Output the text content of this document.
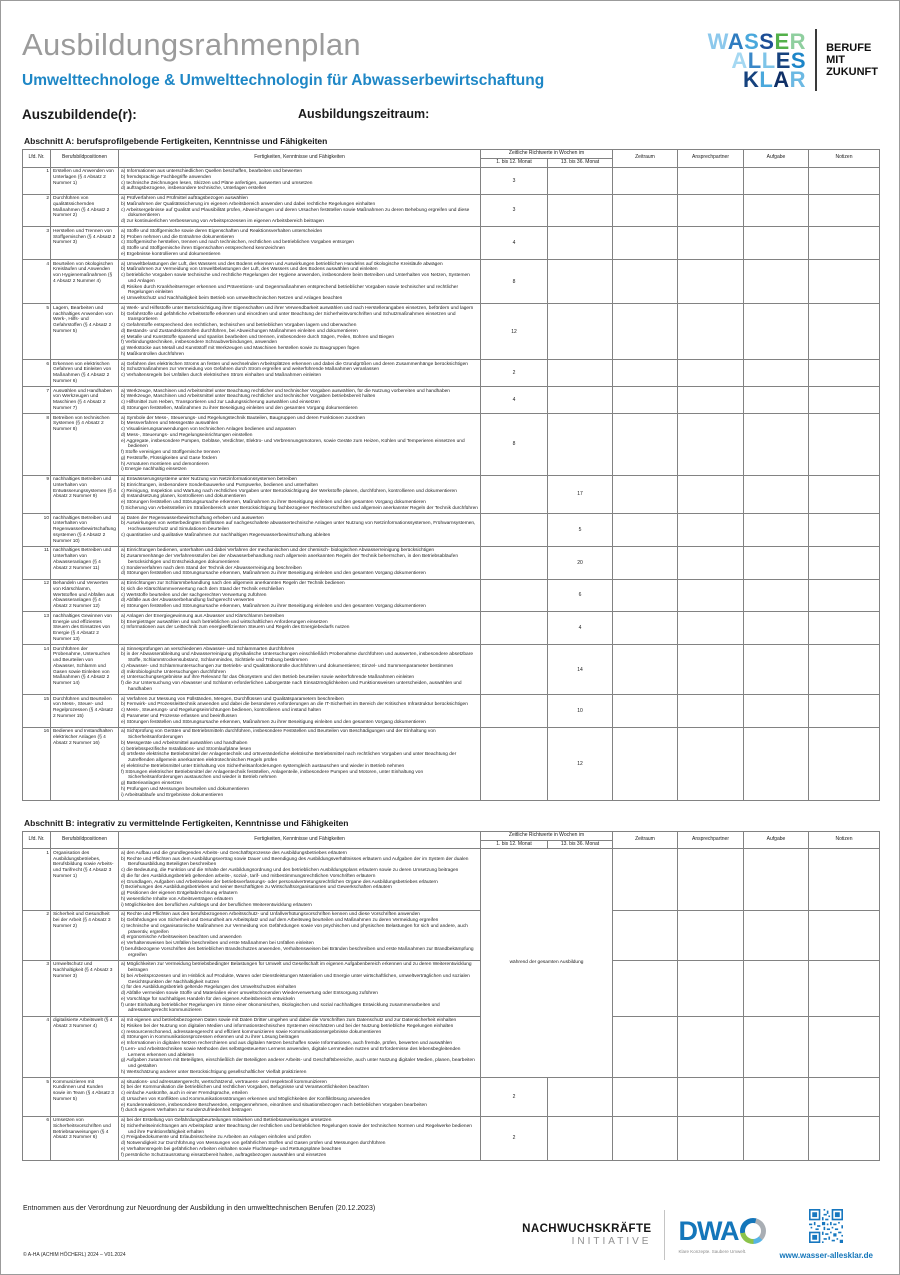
Ausbildungsrahmenplan
Umwelttechnologe & Umwelttechnologin für Abwasserbewirtschaftung
WASSER
ALLES
KLAR
BERUFE
MIT
ZUKUNFT
Auszubildende(r):	Ausbildungszeitraum:
Abschnitt A: berufsprofilgebende Fertigkeiten, Kenntnisse und Fähigkeiten
Lfd. Nr.	Berufsbildpositionen	Fertigkeiten, Kenntnisse und Fähigkeiten	Zeitliche Richtwerte in Wochen im		Zeitraum	Ansprechpartner	Aufgabe	Notizen
			1. bis 12. Monat	13. bis 36. Monat				
1	Erstellen und Anwenden von Unterlagen (§ 4 Absatz 2 Nummer 1)	a) Informationen aus unterschiedlichen Quellen beschaffen, bearbeiten und bewerten
b) fremdsprachige Fachbegriffe anwenden
c) technische Zeichnungen lesen, Skizzen und Pläne anfertigen, auswerten und umsetzen
d) auftragsbezogene, insbesondere technische, Unterlagen erstellen	3					
2	Durchführen von qualitätssichernden Maßnahmen (§ 4 Absatz 2 Nummer 2)	a) Prüfverfahren und Prüfmittel auftragsbezogen auswählen
b) Maßnahmen der Qualitätssicherung im eigenen Arbeitsbereich anwenden und dabei rechtliche Regelungen einhalten
c) Arbeitsergebnisse auf Qualität und Plausibilität prüfen, Abweichungen und deren Ursachen feststellen sowie Maßnahmen zu deren Behebung ergreifen und diese dokumentieren
d) zur kontinuierlichen Verbesserung von Arbeitsprozessen im eigenen Arbeitsbereich beitragen	3					
3	Herstellen und Trennen von Stoffgemischen (§ 4 Absatz 2 Nummer 3)	a) Stoffe und Stoffgemische sowie deren Eigenschaften und Reaktionsverhalten unterscheiden
b) Proben nehmen und die Entnahme dokumentieren
c) Stoffgemische herstellen, trennen und nach technischen, rechtlichen und betrieblichen Vorgaben entsorgen
d) Stoffe und Stoffgemische ihren Eigenschaften entsprechend kennzeichnen
e) Ergebnisse kontrollieren und dokumentieren	4					
4	Beurteilen von ökologischen Kreisläufen und Anwenden von Hygienemaßnahmen (§ 4 Absatz 2 Nummer 4)	a) Umweltbelastungen der Luft, des Wassers und des Bodens erkennen und Auswirkungen betrieblichen Handelns auf ökologische Kreisläufe abwägen
b) Maßnahmen zur Vermeidung von Umweltbelastungen der Luft, des Wassers und des Bodens auswählen und einleiten
c) betriebliche Vorgaben sowie technische und rechtliche Regelungen der Hygiene anwenden, insbesondere beim Betreiben und Unterhalten von Netzen, Systemen und Anlagen
d) Risiken durch Krankheitserreger erkennen und Präventions- und Gegenmaßnahmen entsprechend betrieblicher Vorgaben sowie technischer und rechtlicher Regelungen einleiten
e) Umweltschutz und Nachhaltigkeit beim Betrieb von umwelttechnischen Netzen und Anlagen beachten	8					
5	Lagern, Bearbeiten und nachhaltiges Anwenden von Werk-, Hilfs- und Gefahrstoffen (§ 4 Absatz 2 Nummer 5)	
a) Werk- und Hilfsstoffe unter Berücksichtigung ihrer Eigenschaften und ihrer Verwendbarkeit auswählen und nach Herstellerangaben einsetzen, befördern und lagern
b) Gefahrstoffe und gefährliche Arbeitsstoffe erkennen und einordnen und unter Beachtung der Sicherheitsvorschriften und Schutzmaßnahmen einsetzen und transportieren
c) Gefahrstoffe entsprechend den rechtlichen, technischen und betrieblichen Vorgaben lagern und überwachen
d) Bestands- und Zustandskontrollen durchführen, bei Abweichungen Maßnahmen einleiten und dokumentieren
e) Metalle und Kunststoffe spanend und spanlos bearbeiten und trennen, insbesondere durch Sägen, Feilen, Bohren und Biegen
f) Verbindungstechniken, insbesondere Schraubverbindungen, anwenden
g) Werkstücke aus Metall und Kunststoff mit Werkzeugen und Maschinen herstellen sowie zu Baugruppen fügen
h) Maßkontrollen durchführen
	12					
6	Erkennen von elektrischen Gefahren und Einleiten von Maßnahmen (§ 4 Absatz 2 Nummer 6)	a) Gefahren des elektrischen Stroms an festen und wechselnden Arbeitsplätzen erkennen und dabei die Grundgrößen und deren Zusammenhänge berücksichtigen
b) Schutzmaßnahmen zur Vermeidung von Gefahren durch Strom ergreifen und weiterführende Maßnahmen veranlassen
c) Verhaltensregeln bei Unfällen durch elektrischen Strom einhalten und Maßnahmen einleiten	2					
7	Auswählen und Handhaben von Werkzeugen und Maschinen (§ 4 Absatz 2 Nummer 7)	a) Werkzeuge, Maschinen und Arbeitsmittel unter Beachtung rechtlicher und technischer Vorgaben auswählen, für die Nutzung vorbereiten und handhaben
b) Werkzeuge, Maschinen und Arbeitsmittel unter Beachtung rechtlicher und technischer Vorgaben betriebsbereit halten
c) Hilfsmittel zum Heben, Transportieren und zur Ladungssicherung auswählen und einsetzen
d) Störungen feststellen, Maßnahmen zu ihrer Beseitigung einleiten und den gesamten Vorgang dokumentieren	4					
8	Betreiben von technischen Systemen (§ 4 Absatz 2 Nummer 8)	
a) Symbole der Mess-, Steuerungs- und Regelungstechnik Bauteilen, Baugruppen und deren Funktionen zuordnen
b) Messverfahren und Messgeräte auswählen
c) Visualisierungsanwendungen von technischen Anlagen bedienen und anpassen
d) Mess-, Steuerungs- und Regelungseinrichtungen einstellen
e) Aggregate, insbesondere Pumpen, Gebläse, Verdichter, Elektro- und Verbrennungsmotoren, sowie Geräte zum Heizen, Kühlen und Temperieren einsetzen und bedienen
f) Stoffe vereinigen und Stoffgemische trennen
g) Feststoffe, Flüssigkeiten und Gase fördern
h) Armaturen montieren und demontieren
i) Energie nachhaltig einsetzen
	8					
9	nachhaltiges Betreiben und Unterhalten von Entwässerungssystemen (§ 4 Absatz 2 Nummer 9)	
a) Entwässerungssysteme unter Nutzung von Netzinformationssystemen betreiben
b) Einrichtungen, insbesondere Sonderbauwerke und Pumpwerke, bedienen und unterhalten
c) Reinigung, Inspektion und Wartung nach rechtlichen Vorgaben unter Berücksichtigung der Werkstoffe planen, durchführen, kontrollieren und dokumentieren
d) Instandsetzung planen, kontrollieren und dokumentieren
e) Störungen feststellen und Störungsursache erkennen, Maßnahmen zu ihrer Beseitigung einleiten und den gesamten Vorgang dokumentieren
f) Sicherung von Arbeitsstellen im Straßenbereich unter Berücksichtigung fachbezogener Rechtsvorschriften und allgemein anerkannter Regeln der Technik durchführen
		17				
10	nachhaltiges Betreiben und Unterhalten von Regenwasserbewirtschaftungssystemen (§ 4 Absatz 2 Nummer 10)	a) Daten der Regenwasserbewirtschaftung erheben und auswerten
b) Auswirkungen von wetterbedingten Einflüssen auf nachgeschaltete abwassertechnische Anlagen unter Nutzung von Netzinformationssystemen, Frühwarnsystemen, Hochwasserschutz und Simulationen beurteilen
c) quantitative und qualitative Maßnahmen zur nachhaltigen Regenwasserbewirtschaftung ableiten		5				
11	nachhaltiges Betreiben und Unterhalten von Abwasseranlagen (§ 4 Absatz 2 Nummer 11)	a) Einrichtungen bedienen, unterhalten und dabei Verfahren der mechanischen und der chemisch- biologischen Abwasserreinigung berücksichtigen
b) Zusammenhänge der Verfahrensstufen bei der Abwasserbehandlung nach allgemein anerkannten Regeln der Technik beherrschen, in den Betriebsabläufen berücksichtigen und Entscheidungen dokumentieren
c) Sonderverfahren nach dem Stand der Technik der Abwasserreinigung beschreiben
d) Störungen feststellen und Störungsursache erkennen, Maßnahmen zu ihrer Beseitigung einleiten und den gesamten Vorgang dokumentieren		20				
12	Behandeln und Verwerten von Klärschlamm, Wertstoffen und Abfällen aus Abwasseranlagen (§ 4 Absatz 2 Nummer 12)	a) Einrichtungen zur Schlammbehandlung nach den allgemein anerkannten Regeln der Technik bedienen
b) sich die Klärschlammverwertung nach dem Stand der Technik erschließen
c) Wertstoffe beurteilen und der sachgerechten Verwertung zuführen
d) Abfälle aus der Abwasserbehandlung fachgerecht verwerten
e) Störungen feststellen und Störungsursache erkennen, Maßnahmen zu ihrer Beseitigung einleiten und den gesamten Vorgang dokumentieren		6				
13	nachhaltiges Gewinnen von Energie und effizientes Steuern des Einsatzes von Energie (§ 4 Absatz 2 Nummer 13)	a) Anlagen der Energiegewinnung aus Abwasser und Klärschlamm betreiben
b) Energieträger auswählen und nach betrieblichen und wirtschaftlichen Anforderungen einsetzen
c) Informationen aus der Leittechnik zum energieeffizienten Steuern und Regeln des Energiebedarfs nutzen		4				
14	Durchführen der Probenahme, Untersuchen und Beurteilen von Abwasser, Schlamm und Gasen sowie Einleiten von Maßnahmen (§ 4 Absatz 2 Nummer 14)	
a) Sinnesprüfungen an verschiedenen Abwasser- und Schlammarten durchführen
b) in der Abwasserableitung und Abwasserreinigung physikalische Untersuchungen einschließlich Probenahme durchführen und auswerten, insbesondere absetzbare Stoffe, Schlammtrockensubstanz, Schlammindex, Sichttiefe und Trübung bestimmen
c) Abwasser- und Schlammuntersuchungen zur Betriebs- und Qualitätskontrolle durchführen und dokumentieren; Einzel- und Summenparameter bestimmen
d) mikrobiologische Untersuchungen durchführen
e) Untersuchungsergebnisse auf ihre Relevanz für das Ökosystem und den Betrieb beurteilen sowie weiterführende Maßnahmen einleiten
f) die zur Untersuchung von Abwasser und Schlamm erforderlichen Laborgeräte nach Einsatzmöglichkeiten und Funktionsweisen unterscheiden, auswählen und handhaben
		14				
15	Durchführen und Beurteilen von Mess-, Steuer- und Regelprozessen (§ 4 Absatz 2 Nummer 15)	a) Verfahren zur Messung von Füllständen, Mengen, Durchflüssen und Qualitätsparametern beschreiben
b) Fernwirk- und Prozessleittechnik anwenden und dabei die besonderen Anforderungen an die IT-Sicherheit im Bereich der Kritischen Infrastruktur berücksichtigen
c) Mess-, Steuerungs- und Regelungseinrichtungen bedienen, kontrollieren und instand halten
d) Parameter und Prozesse erfassen und beeinflussen
e) Störungen feststellen und Störungsursache erkennen, Maßnahmen zu ihrer Beseitigung einleiten und den gesamten Vorgang dokumentieren		10				
16	Bedienen und Instandhalten elektrischer Anlagen (§ 4 Absatz 2 Nummer 16)	
a) Sichtprüfung von Geräten und Betriebsmitteln durchführen, insbesondere Feststellen und Beurteilen von Beschädigungen und der Einhaltung von Sicherheitsanforderungen
b) Messgeräte und Arbeitsmittel auswählen und handhaben
c) betriebsspezifische Installations- und Stromlaufpläne lesen
d) ortsfeste elektrische Betriebsmittel der Anlagentechnik und ortsveränderliche elektrische Betriebsmittel nach rechtlichen Vorgaben und unter Beachtung der zutreffenden allgemein anerkannten elektrotechnischen Regeln prüfen
e) elektrische Betriebsmittel unter Einhaltung von Sicherheitsanforderungen systemgleich austauschen und wieder in Betrieb nehmen
f) Störungen elektrischer Betriebsmittel der Anlagentechnik feststellen, Anlagenteile, insbesondere Pumpen und Motoren, unter Einhaltung von Sicherheitsanforderungen austauschen und wieder in Betrieb nehmen
g) Batterieanlagen einsetzen
h) Prüfungen und Messungen beurteilen und dokumentieren
i) Arbeitsabläufe und Ergebnisse dokumentieren
		12				
Abschnitt B: integrativ zu vermittelnde Fertigkeiten, Kenntnisse und Fähigkeiten
Lfd. Nr.	Berufsbildpositionen	Fertigkeiten, Kenntnisse und Fähigkeiten	Zeitliche Richtwerte in Wochen im		Zeitraum	Ansprechpartner	Aufgabe	Notizen
			1. bis 12. Monat	13. bis 36. Monat				
1	Organisation des Ausbildungsbetriebes, Berufsbildung sowie Arbeits- und Tarifrecht (§ 4 Absatz 3 Nummer 1)	
a) den Aufbau und die grundlegenden Arbeits- und Geschäftsprozesse des Ausbildungsbetriebes erläutern
b) Rechte und Pflichten aus dem Ausbildungsvertrag sowie Dauer und Beendigung des Ausbildungsverhältnisses erläutern und Aufgaben der im System der dualen Berufsausbildung Beteiligten beschreiben
c) die Bedeutung, die Funktion und die Inhalte der Ausbildungsordnung und des betrieblichen Ausbildungsplans erläutern sowie zu deren Umsetzung beitragen
d) die für den Ausbildungsbetrieb geltenden arbeits-, sozial-, tarif- und mitbestimmungsrechtlichen Vorschriften erläutern
e) Grundlagen, Aufgaben und Arbeitsweise der betriebsverfassungs- oder personalvertretungsrechtlichen Organe des Ausbildungsbetriebes erläutern
f) Beziehungen des Ausbildungsbetriebes und seiner Beschäftigten zu Wirtschaftsorganisationen und Gewerkschaften erläutern
g) Positionen der eigenen Entgeltabrechnung erläutern
h) wesentliche Inhalte von Arbeitsverträgen erläutern
i) Möglichkeiten des beruflichen Aufstiegs und der beruflichen Weiterentwicklung erläutern
	während der gesamten Ausbildung				
2	Sicherheit und Gesundheit bei der Arbeit (§ 4 Absatz 3 Nummer 2)	
a) Rechte und Pflichten aus den berufsbezogenen Arbeitsschutz- und Unfallverhütungsvorschriften kennen und diese Vorschriften anwenden
b) Gefährdungen von Sicherheit und Gesundheit am Arbeitsplatz und auf dem Arbeitsweg beurteilen und Maßnahmen zu deren Vermeidung ergreifen
c) technische und organisatorische Maßnahmen zur Vermeidung von Gefährdungen sowie von psychischen und physischen Belastungen für sich und andere, auch präventiv, ergreifen
d) ergonomische Arbeitsweisen beachten und anwenden
e) Verhaltensweisen bei Unfällen beschreiben und erste Maßnahmen bei Unfällen einleiten
f) berufsbezogene Vorschriften des betrieblichen Brandschutzes anwenden, Verhaltensweisen bei Bränden beschreiben und erste Maßnahmen zur Brandbekämpfung ergreifen

3	Umweltschutz und Nachhaltigkeit (§ 4 Absatz 3 Nummer 3)	
a) Möglichkeiten zur Vermeidung betriebsbedingter Belastungen für Umwelt und Gesellschaft im eigenen Aufgabenbereich erkennen und zu deren Weiterentwicklung beitragen
b) bei Arbeitsprozessen und im Hinblick auf Produkte, Waren oder Dienstleistungen Materialien und Energie unter wirtschaftlichen, umweltverträglichen und sozialen Gesichtspunkten der Nachhaltigkeit nutzen
c) für den Ausbildungsbetrieb geltende Regelungen des Umweltschutzes einhalten
d) Abfälle vermeiden sowie Stoffe und Materialien einer umweltschonenden Wiederverwertung oder Entsorgung zuführen
e) Vorschläge für nachhaltiges Handeln für den eigenen Arbeitsbereich entwickeln
f) unter Einhaltung betrieblicher Regelungen im Sinne einer ökonomischen, ökologischen und sozial nachhaltigen Entwicklung zusammenarbeiten und adressatengerecht kommunizieren

4	digitalisierte Arbeitswelt (§ 4 Absatz 3 Nummer 4)	
a) mit eigenen und betriebsbezogenen Daten sowie mit Daten Dritter umgehen und dabei die Vorschriften zum Datenschutz und zur Datensicherheit einhalten
b) Risiken bei der Nutzung von digitalen Medien und informationstechnischen Systemen einschätzen und bei der Nutzung betriebliche Regelungen einhalten
c) ressourcenschonend, adressatengerecht und effizient kommunizieren sowie Kommunikationsergebnisse dokumentieren
d) Störungen in Kommunikationsprozessen erkennen und zu ihrer Lösung beitragen
e) Informationen in digitalen Netzen recherchieren und aus digitalen Netzen beschaffen sowie Informationen, auch fremde, prüfen, bewerten und auswählen
f) Lern- und Arbeitstechniken sowie Methoden des selbstgesteuerten Lernens anwenden, digitale Lernmedien nutzen und Erfordernisse des lebensbegleitenden Lernens erkennen und ableiten
g) Aufgaben zusammen mit Beteiligten, einschließlich der Beteiligten anderer Arbeits- und Geschäftsbereiche, auch unter Nutzung digitaler Medien, planen, bearbeiten und gestalten
h) Wertschätzung anderer unter Berücksichtigung gesellschaftlicher Vielfalt praktizieren

5	Kommunizieren mit Kundinnen und Kunden sowie im Team (§ 4 Absatz 3 Nummer 5)	
a) situations- und adressatengerecht, wertschätzend, vertrauens- und respektvoll kommunizieren
b) bei der Kommunikation die betrieblichen und rechtlichen Vorgaben, Befugnisse und Verantwortlichkeiten beachten
c) einfache Auskünfte, auch in einer Fremdsprache, erteilen
d) Ursachen von Konflikten und Kommunikationsstörungen erkennen und Möglichkeiten der Konfliktlösung anwenden
e) Kundenreaktionen, insbesondere Beschwerden, entgegennehmen, einordnen und situationsbezogen nach betrieblichen Vorgaben bearbeiten
f) durch eigenes Verhalten zur Kundenzufriedenheit beitragen
	2					
6	Umsetzen von Sicherheitsvorschriften und Betriebsanweisungen (§ 4 Absatz 3 Nummer 6)	
a) bei der Erstellung von Gefährdungsbeurteilungen mitwirken und Betriebsanweisungen umsetzen
b) Sicherheitseinrichtungen am Arbeitsplatz unter Beachtung der rechtlichen und betrieblichen Regelungen sowie der technischen Normen und Regelwerke bedienen und ihre Funktionsfähigkeit erhalten
c) Freigabedokumente und Erlaubnisscheine zu Arbeiten an Anlagen einholen und prüfen
d) Notwendigkeit zur Durchführung von Messungen von gefährlichen Stoffen und Gasen prüfen und Messungen durchführen
e) Verhaltensregeln bei gefährlichen Arbeiten einhalten sowie Fluchtwege- und Rettungspläne beachten
f) persönliche Schutzausrüstung einsatzbereit halten, auftragsbezogen auswählen und einsetzen
	2					
Entnommen aus der Verordnung zur Neuordnung der Ausbildung in den umwelttechnischen Berufen (20.12.2023)
© A-HA (ACHIM HÖCHERL) 2024 – V01.2024
NACHWUCHSKRÄFTE
INITIATIVE DWA
Klare Konzepte. Saubere Umwelt.	www.wasser-allesklar.de
